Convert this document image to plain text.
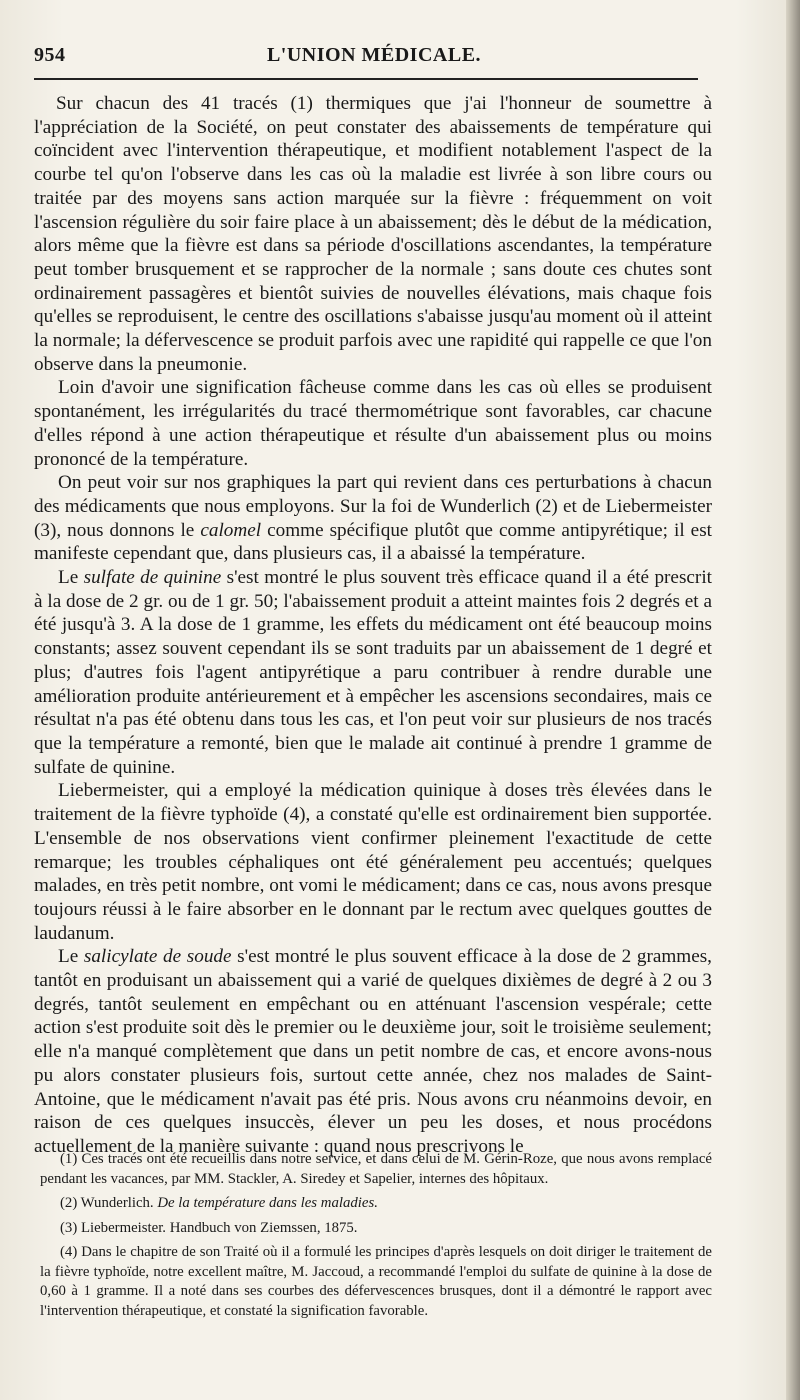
954	L'UNION MÉDICALE.

Sur chacun des 41 tracés (1) thermiques que j'ai l'honneur de soumettre à l'appréciation de la Société, on peut constater des abaissements de température qui coïncident avec l'intervention thérapeutique, et modifient notablement l'aspect de la courbe tel qu'on l'observe dans les cas où la maladie est livrée à son libre cours ou traitée par des moyens sans action marquée sur la fièvre : fréquemment on voit l'ascension régulière du soir faire place à un abaissement; dès le début de la médication, alors même que la fièvre est dans sa période d'oscillations ascendantes, la température peut tomber brusquement et se rapprocher de la normale ; sans doute ces chutes sont ordinairement passagères et bientôt suivies de nouvelles élévations, mais chaque fois qu'elles se reproduisent, le centre des oscillations s'abaisse jusqu'au moment où il atteint la normale; la défervescence se produit parfois avec une rapidité qui rappelle ce que l'on observe dans la pneumonie.

Loin d'avoir une signification fâcheuse comme dans les cas où elles se produisent spontanément, les irrégularités du tracé thermométrique sont favorables, car chacune d'elles répond à une action thérapeutique et résulte d'un abaissement plus ou moins prononcé de la température.

On peut voir sur nos graphiques la part qui revient dans ces perturbations à chacun des médicaments que nous employons. Sur la foi de Wunderlich (2) et de Liebermeister (3), nous donnons le calomel comme spécifique plutôt que comme antipyrétique; il est manifeste cependant que, dans plusieurs cas, il a abaissé la température.

Le sulfate de quinine s'est montré le plus souvent très efficace quand il a été prescrit à la dose de 2 gr. ou de 1 gr. 50; l'abaissement produit a atteint maintes fois 2 degrés et a été jusqu'à 3. A la dose de 1 gramme, les effets du médicament ont été beaucoup moins constants; assez souvent cependant ils se sont traduits par un abaissement de 1 degré et plus; d'autres fois l'agent antipyrétique a paru contribuer à rendre durable une amélioration produite antérieurement et à empêcher les ascensions secondaires, mais ce résultat n'a pas été obtenu dans tous les cas, et l'on peut voir sur plusieurs de nos tracés que la température a remonté, bien que le malade ait continué à prendre 1 gramme de sulfate de quinine.

Liebermeister, qui a employé la médication quinique à doses très élevées dans le traitement de la fièvre typhoïde (4), a constaté qu'elle est ordinairement bien supportée. L'ensemble de nos observations vient confirmer pleinement l'exactitude de cette remarque; les troubles céphaliques ont été généralement peu accentués; quelques malades, en très petit nombre, ont vomi le médicament; dans ce cas, nous avons presque toujours réussi à le faire absorber en le donnant par le rectum avec quelques gouttes de laudanum.

Le salicylate de soude s'est montré le plus souvent efficace à la dose de 2 grammes, tantôt en produisant un abaissement qui a varié de quelques dixièmes de degré à 2 ou 3 degrés, tantôt seulement en empêchant ou en atténuant l'ascension vespérale; cette action s'est produite soit dès le premier ou le deuxième jour, soit le troisième seulement; elle n'a manqué complètement que dans un petit nombre de cas, et encore avons-nous pu alors constater plusieurs fois, surtout cette année, chez nos malades de Saint-Antoine, que le médicament n'avait pas été pris. Nous avons cru néanmoins devoir, en raison de ces quelques insuccès, élever un peu les doses, et nous procédons actuellement de la manière suivante : quand nous prescrivons le

(1) Ces tracés ont été recueillis dans notre service, et dans celui de M. Gérin-Roze, que nous avons remplacé pendant les vacances, par MM. Stackler, A. Siredey et Sapelier, internes des hôpitaux.

(2) Wunderlich. De la température dans les maladies.

(3) Liebermeister. Handbuch von Ziemssen, 1875.

(4) Dans le chapitre de son Traité où il a formulé les principes d'après lesquels on doit diriger le traitement de la fièvre typhoïde, notre excellent maître, M. Jaccoud, a recommandé l'emploi du sulfate de quinine à la dose de 0,60 à 1 gramme. Il a noté dans ses courbes des défervescences brusques, dont il a démontré le rapport avec l'intervention thérapeutique, et constaté la signification favorable.
